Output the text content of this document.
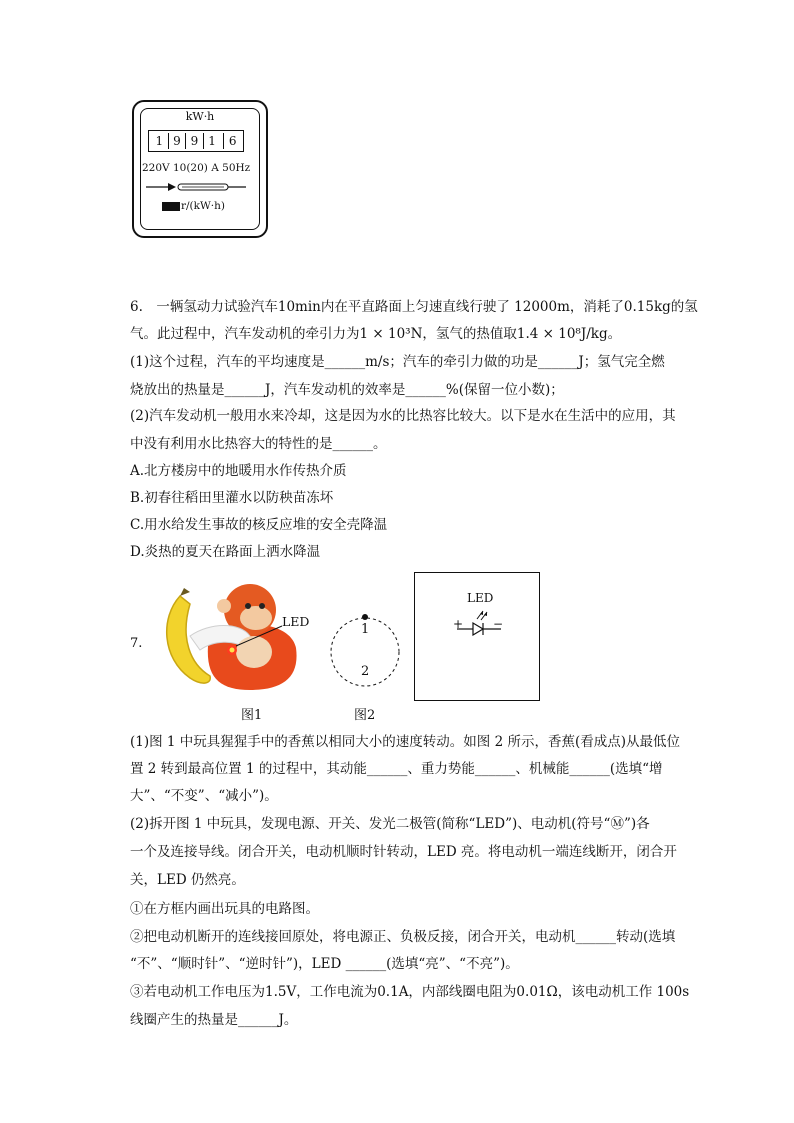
kW·h
1 9 9 1	6
220V 10(20) A 50Hz
r/(kW·h)
6.　一辆氢动力试验汽车10min内在平直路面上匀速直线行驶了 12000m，消耗了0.15kg的氢
气。此过程中，汽车发动机的牵引力为1 × 10³N，氢气的热值取1.4 × 10⁸J/kg。
(1)这个过程，汽车的平均速度是______m/s；汽车的牵引力做的功是______J；氢气完全燃
烧放出的热量是______J，汽车发动机的效率是______%(保留一位小数)；
(2)汽车发动机一般用水来冷却，这是因为水的比热容比较大。以下是水在生活中的应用，其
中没有利用水比热容大的特性的是______。
A.北方楼房中的地暖用水作传热介质
B.初春往稻田里灌水以防秧苗冻坏
C.用水给发生事故的核反应堆的安全壳降温
D.炎热的夏天在路面上洒水降温
7.
LED
1
2
LED
+ −
图1	图2
(1)图 1 中玩具猩猩手中的香蕉以相同大小的速度转动。如图 2 所示，香蕉(看成点)从最低位
置 2 转到最高位置 1 的过程中，其动能______、重力势能______、机械能______(选填“增
大”、“不变”、“减小”)。
(2)拆开图 1 中玩具，发现电源、开关、发光二极管(简称“LED”)、电动机(符号“Ⓜ”)各
一个及连接导线。闭合开关，电动机顺时针转动，LED 亮。将电动机一端连线断开，闭合开
关，LED 仍然亮。
①在方框内画出玩具的电路图。
②把电动机断开的连线接回原处，将电源正、负极反接，闭合开关，电动机______转动(选填
“不”、“顺时针”、“逆时针”)，LED ______(选填“亮”、“不亮”)。
③若电动机工作电压为1.5V，工作电流为0.1A，内部线圈电阻为0.01Ω，该电动机工作 100s
线圈产生的热量是______J。
